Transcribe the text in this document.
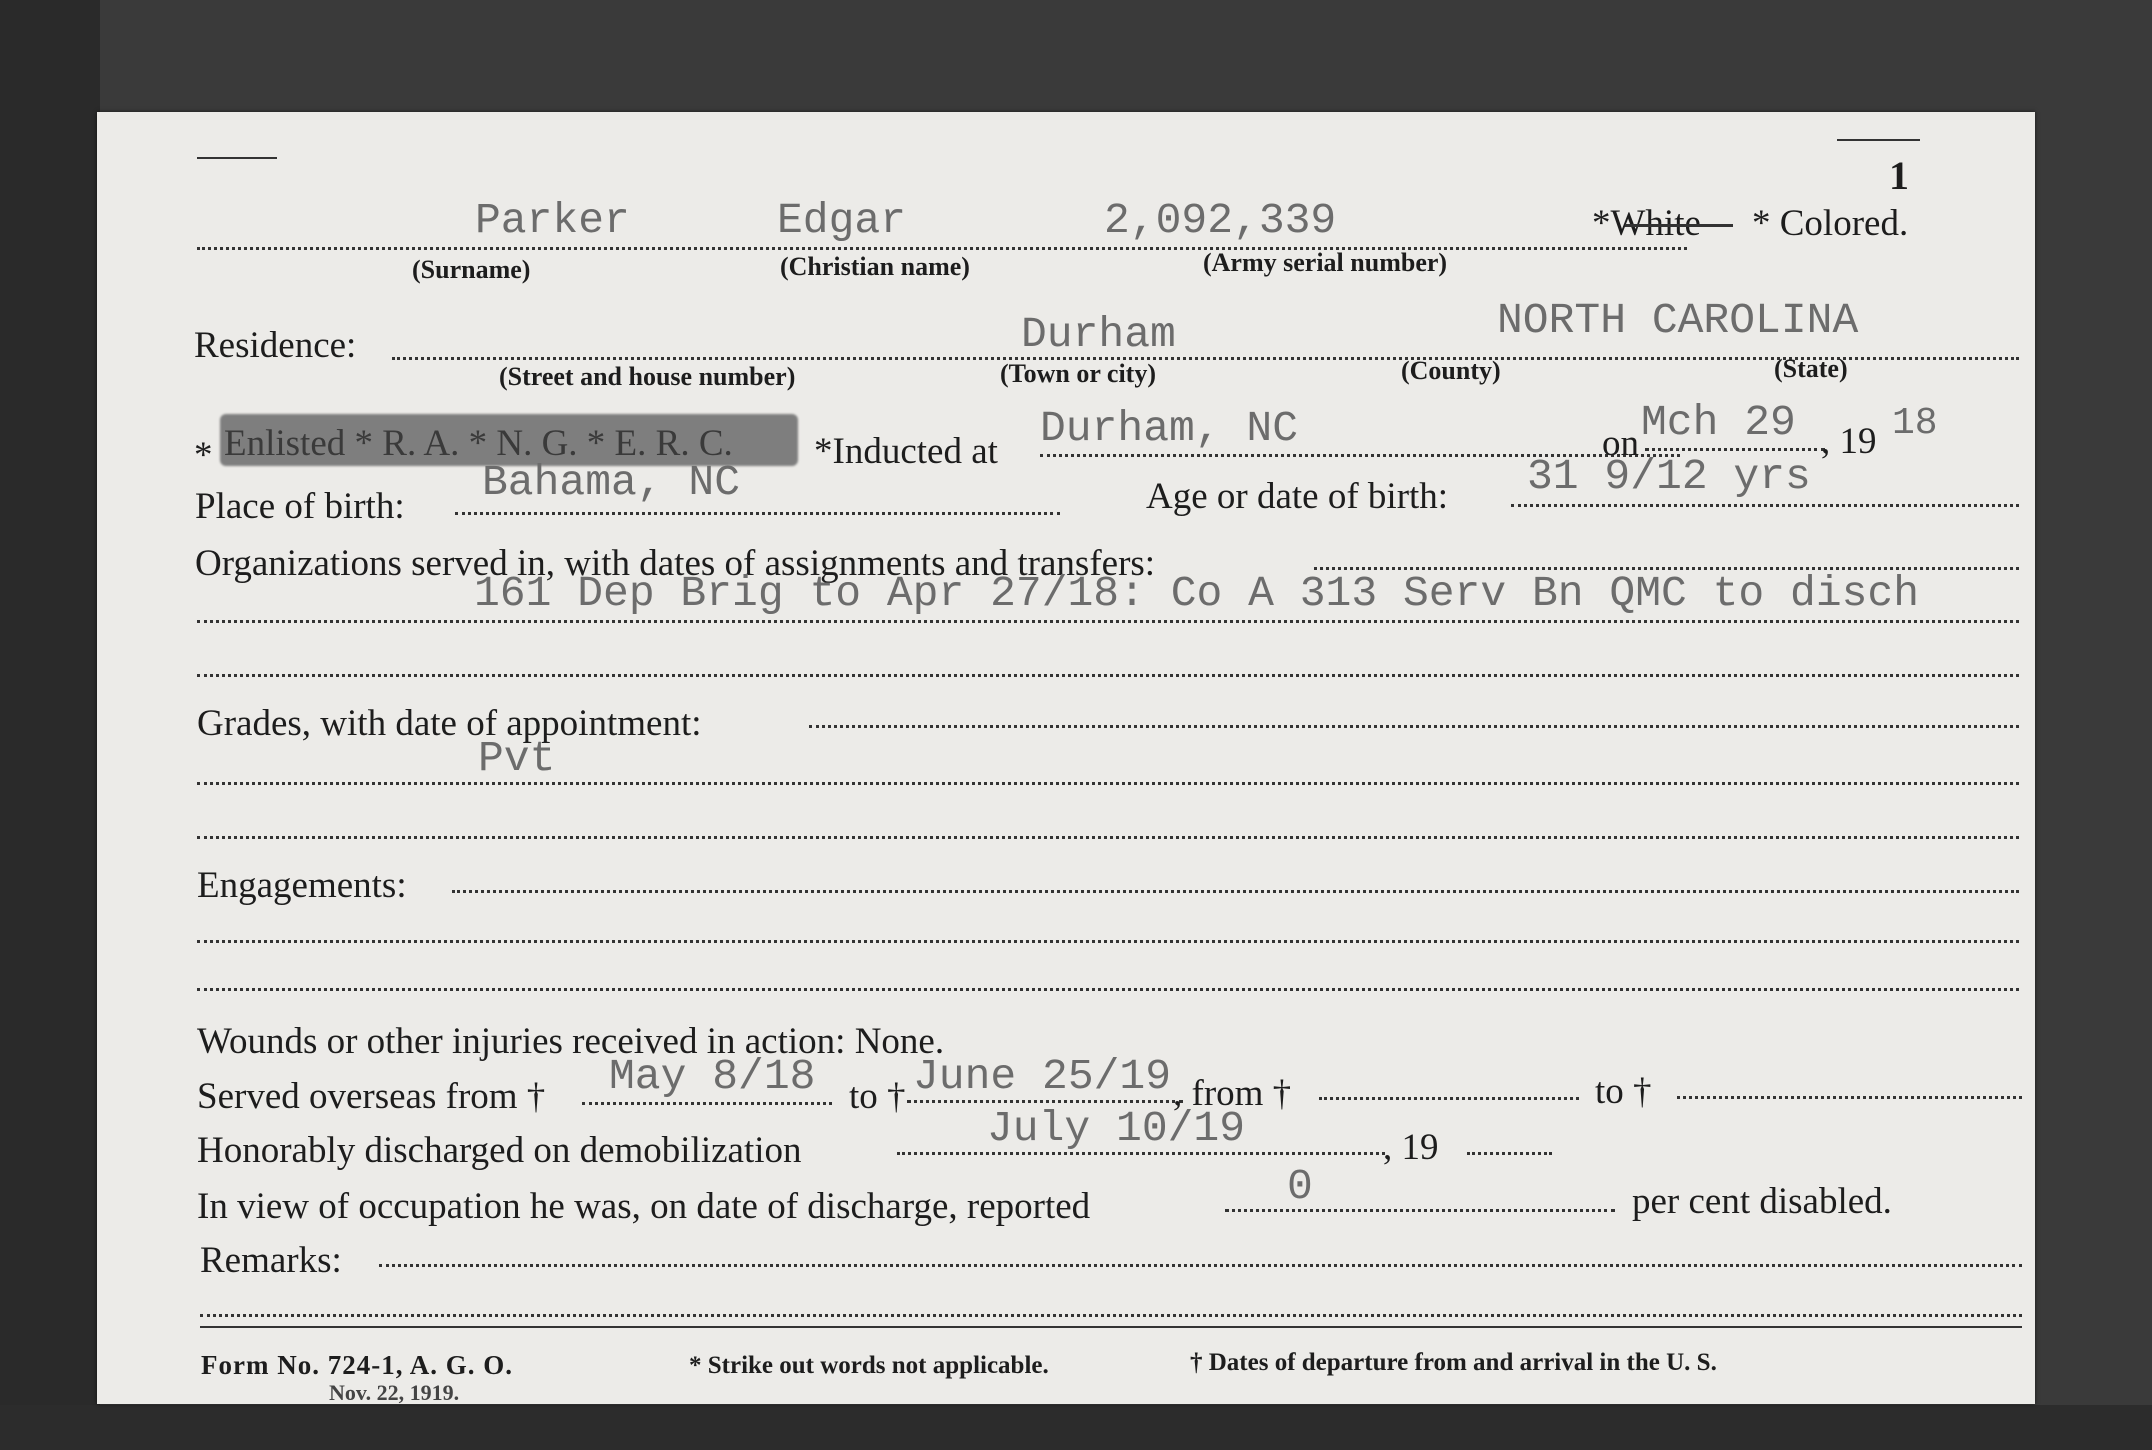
1
Parker	Edgar	2,092,339	*White * Colored.
(Surname)	(Christian name)	(Army serial number)
Residence:	Durham	NORTH CAROLINA
(Street and house number)	(Town or city)	(County)	(State)
* Enlisted * R. A. * N. G. * E. R. C. *Inducted at Durham, NC	on Mch 29 , 19 18
Place of birth: Bahama, NC	Age or date of birth: 31 9/12 yrs
Organizations served in, with dates of assignments and transfers:
161 Dep Brig to Apr 27/18: Co A 313 Serv Bn QMC to disch
Grades, with date of appointment:
Pvt
Engagements:
Wounds or other injuries received in action: None.
Served overseas from † May 8/18 to † June 25/19 , from †	to †
Honorably discharged on demobilization	July 10/19	, 19
In view of occupation he was, on date of discharge, reported	0	per cent disabled.
Remarks:
Form No. 724-1, A. G. O.
Nov. 22, 1919.
* Strike out words not applicable.	† Dates of departure from and arrival in the U. S.
